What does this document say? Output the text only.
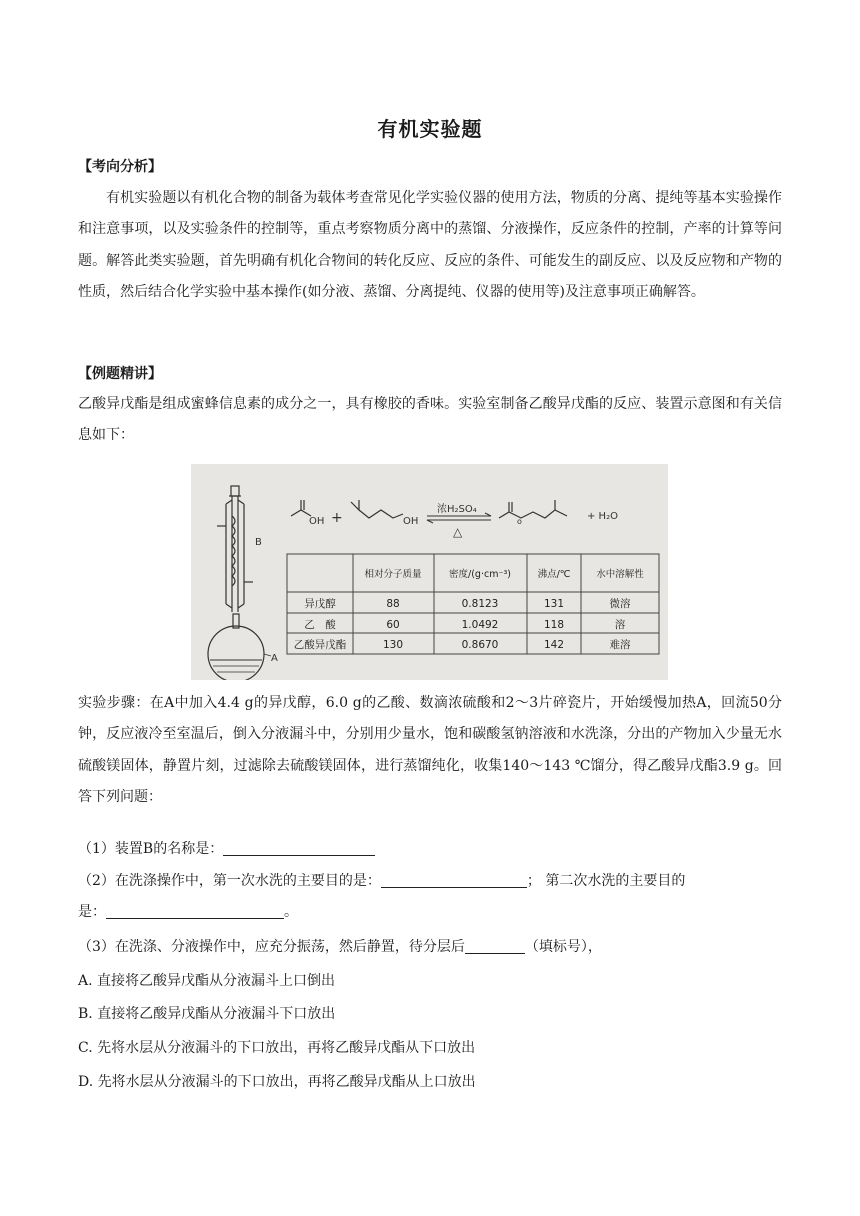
有机实验题
【考向分析】

有机实验题以有机化合物的制备为载体考查常见化学实验仪器的使用方法，物质的分离、提纯等基本实验操作和注意事项，以及实验条件的控制等，重点考察物质分离中的蒸馏、分液操作，反应条件的控制，产率的计算等问题。解答此类实验题，首先明确有机化合物间的转化反应、反应的条件、可能发生的副反应、以及反应物和产物的性质，然后结合化学实验中基本操作(如分液、蒸馏、分离提纯、仪器的使用等)及注意事项正确解答。

【例题精讲】

乙酸异戊酯是组成蜜蜂信息素的成分之一，具有橡胶的香味。实验室制备乙酸异戊酯的反应、装置示意图和有关信息如下：

B
A
OH +	OH
浓H₂SO₄
△
o	+ H₂O
相对分子质量	密度/(g·cm⁻³)	沸点/℃	水中溶解性
异戊醇	88	0.8123	131	微溶
乙　酸	60	1.0492	118	溶
乙酸异戊酯	130	0.8670	142	难溶

实验步骤：在A中加入4.4 g的异戊醇，6.0 g的乙酸、数滴浓硫酸和2～3片碎瓷片，开始缓慢加热A，回流50分钟，反应液冷至室温后，倒入分液漏斗中，分别用少量水，饱和碳酸氢钠溶液和水洗涤，分出的产物加入少量无水硫酸镁固体，静置片刻，过滤除去硫酸镁固体，进行蒸馏纯化，收集140～143 ℃馏分，得乙酸异戊酯3.9 g。回答下列问题：

（1）装置B的名称是：
（2）在洗涤操作中，第一次水洗的主要目的是：	； 第二次水洗的主要目的
是：	。
（3）在洗涤、分液操作中，应充分振荡，然后静置，待分层后	（填标号），
A. 直接将乙酸异戊酯从分液漏斗上口倒出
B. 直接将乙酸异戊酯从分液漏斗下口放出
C. 先将水层从分液漏斗的下口放出，再将乙酸异戊酯从下口放出
D. 先将水层从分液漏斗的下口放出，再将乙酸异戊酯从上口放出
